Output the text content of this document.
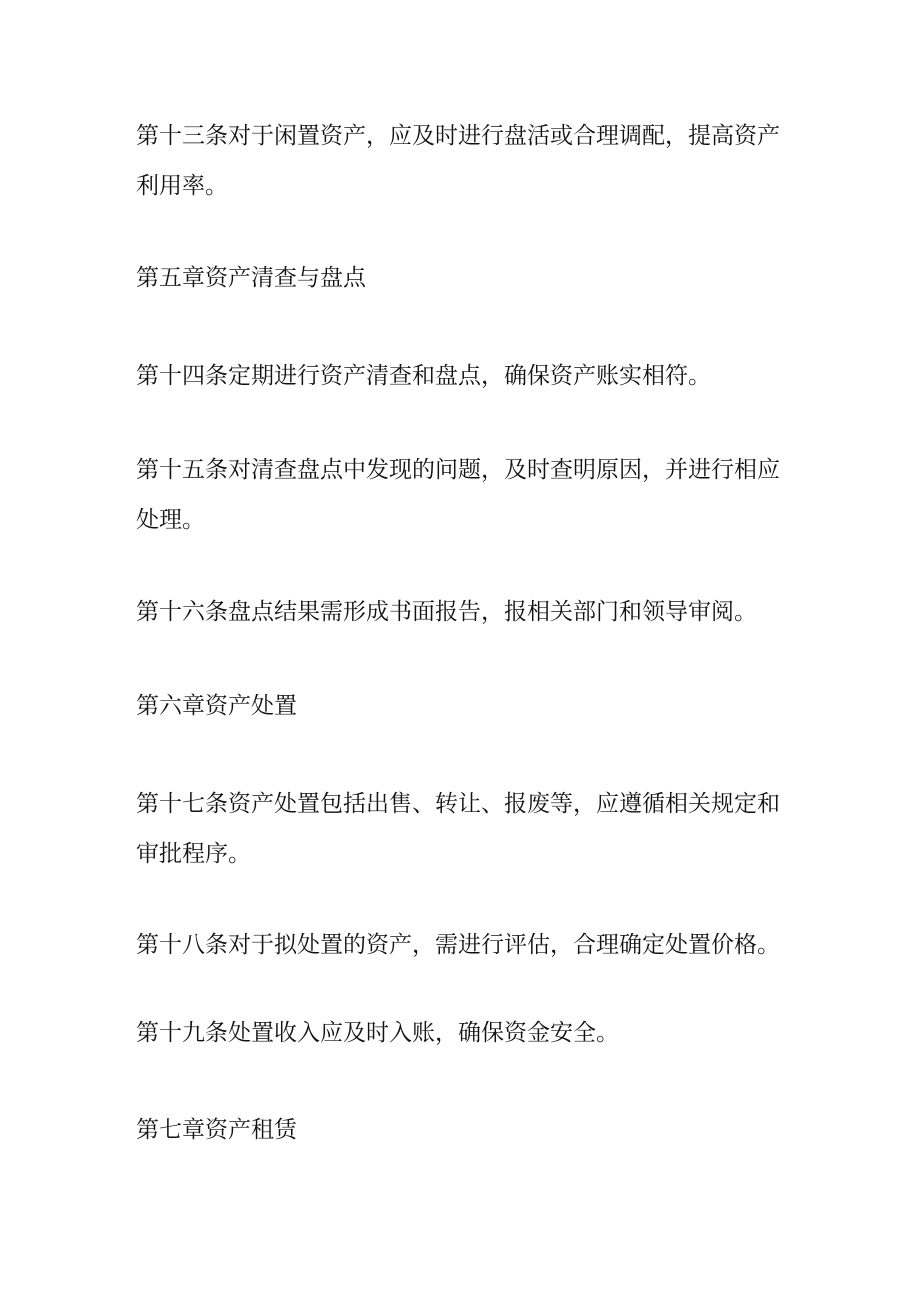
第十三条对于闲置资产，应及时进行盘活或合理调配，提高资产利用率。

第五章资产清查与盘点

第十四条定期进行资产清查和盘点，确保资产账实相符。

第十五条对清查盘点中发现的问题，及时查明原因，并进行相应处理。

第十六条盘点结果需形成书面报告，报相关部门和领导审阅。

第六章资产处置

第十七条资产处置包括出售、转让、报废等，应遵循相关规定和审批程序。

第十八条对于拟处置的资产，需进行评估，合理确定处置价格。

第十九条处置收入应及时入账，确保资金安全。

第七章资产租赁
